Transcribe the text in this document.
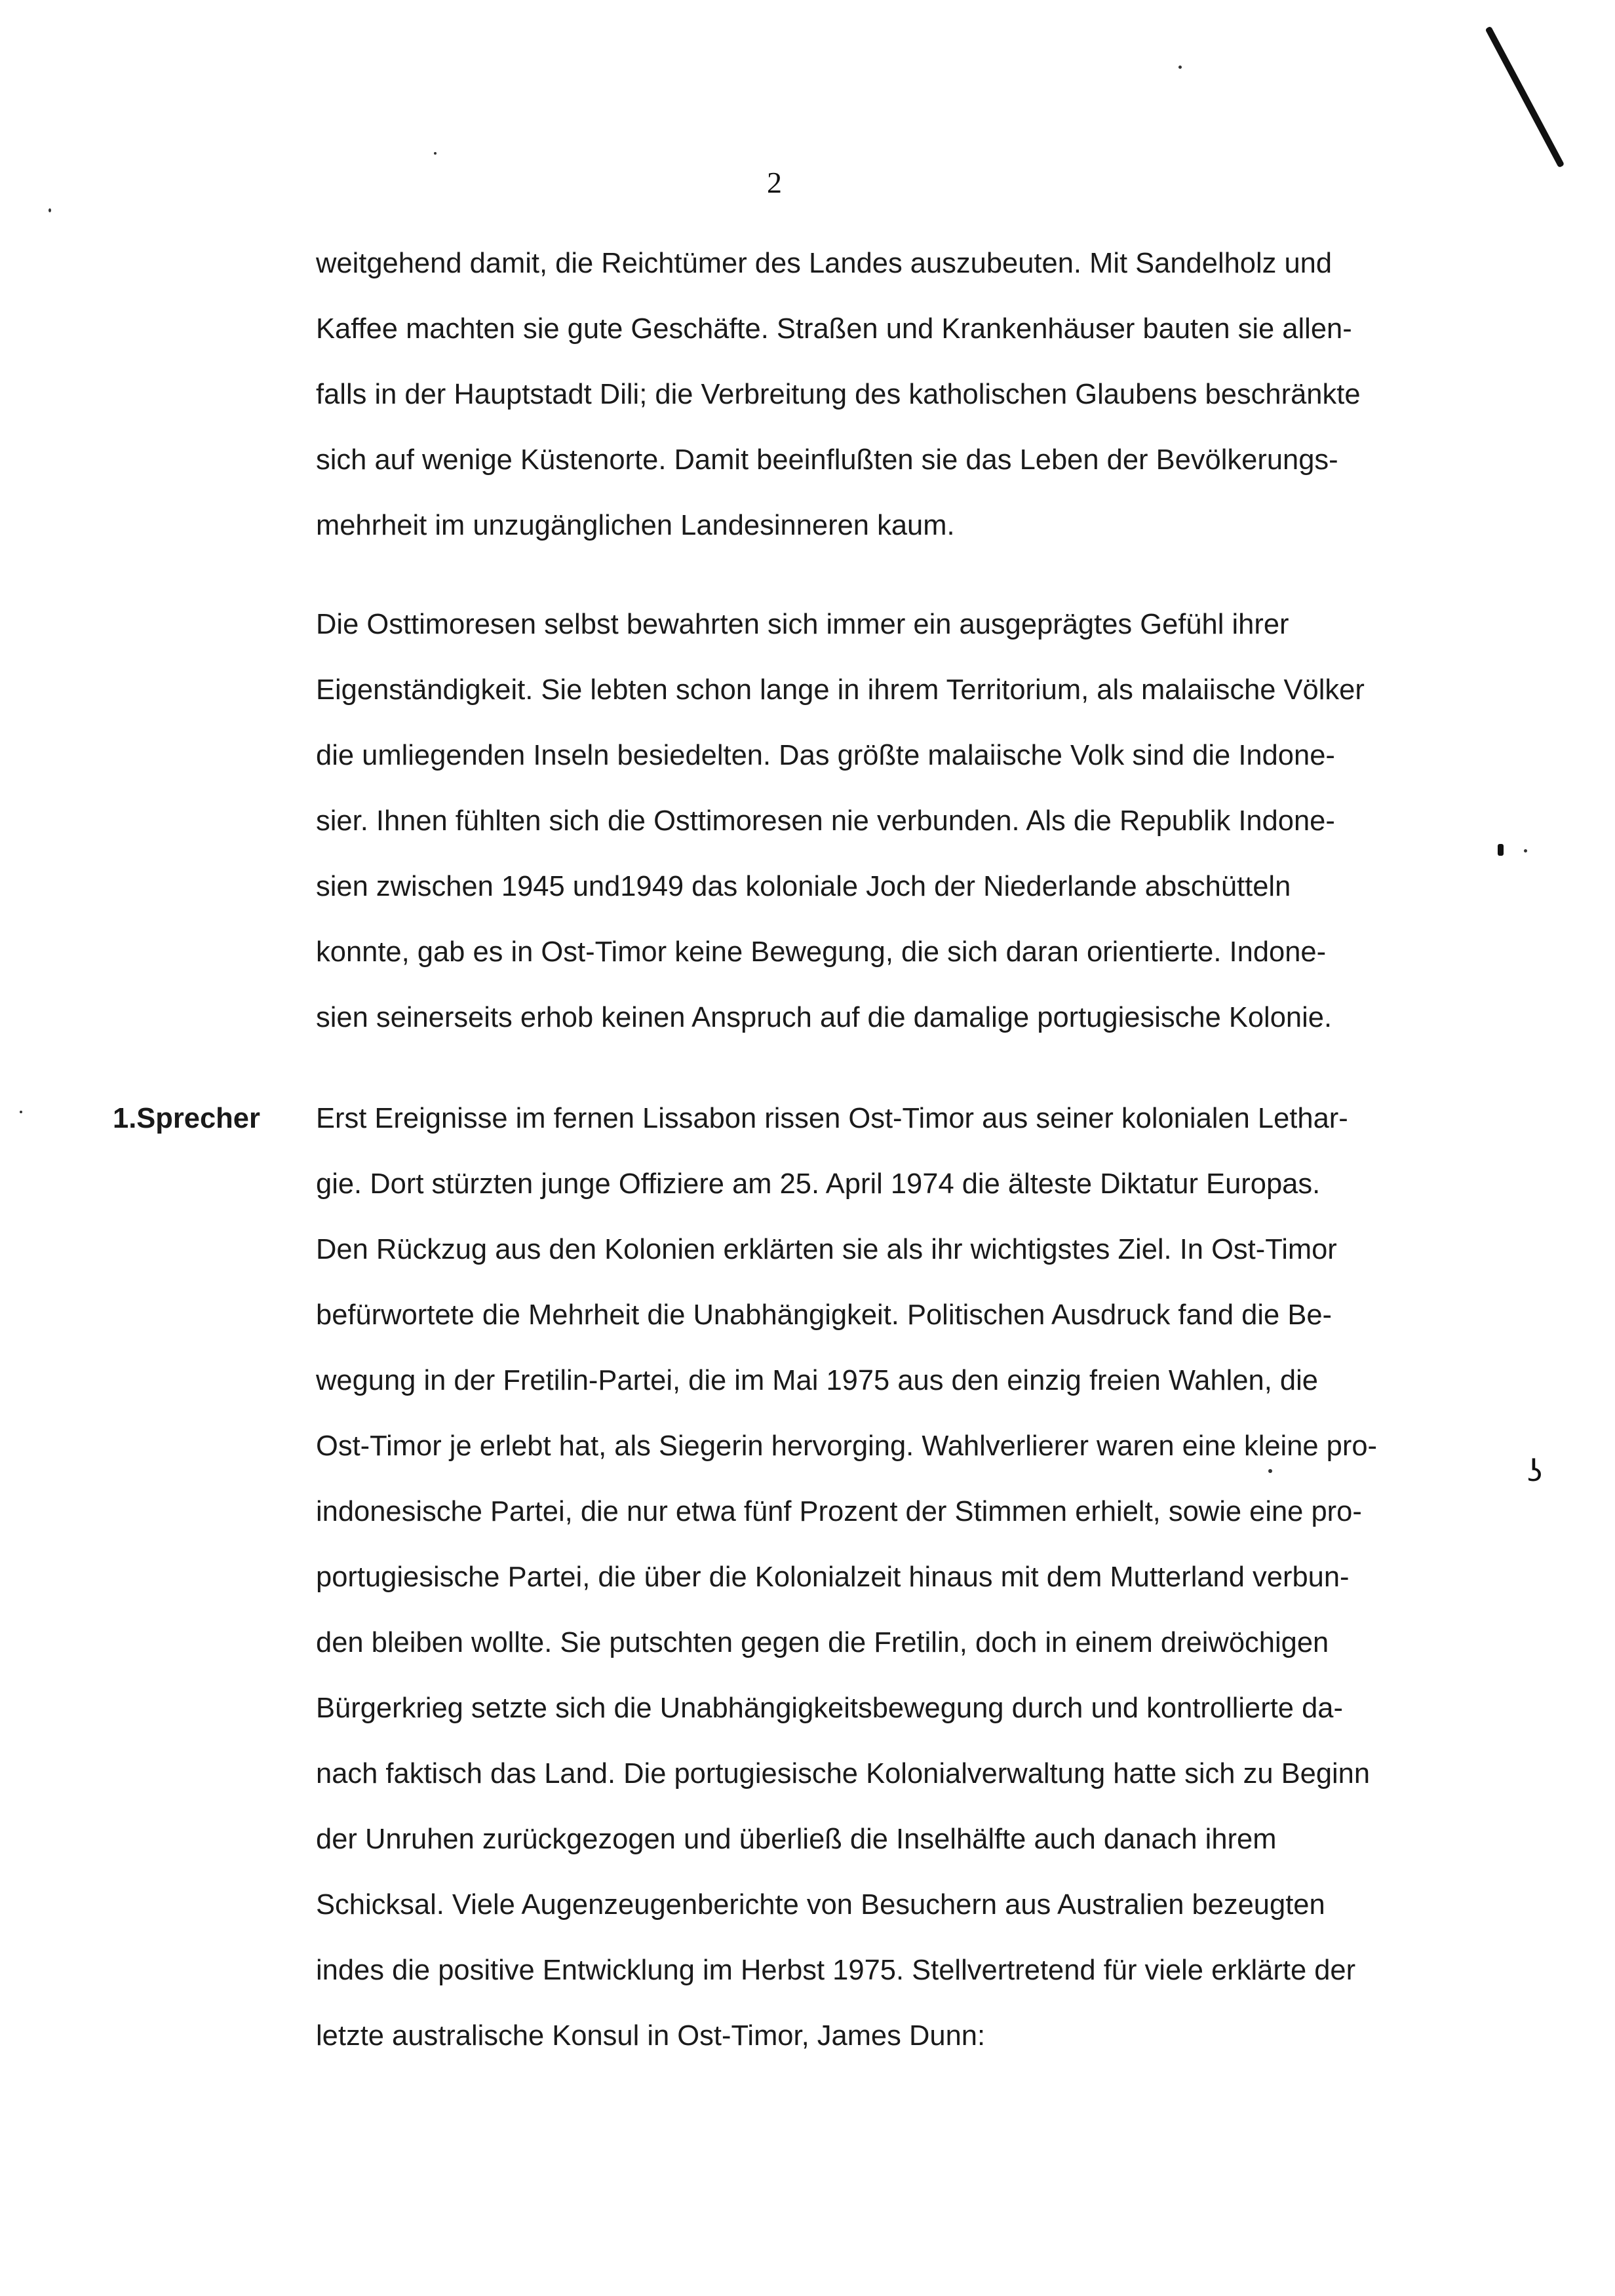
ʖ
2
weitgehend damit, die Reichtümer des Landes auszubeuten. Mit Sandelholz und
Kaffee machten sie gute Geschäfte. Straßen und Krankenhäuser bauten sie allen-
falls in der Hauptstadt Dili; die Verbreitung des katholischen Glaubens beschränkte
sich auf wenige Küstenorte. Damit beeinflußten sie das Leben der Bevölkerungs-
mehrheit im unzugänglichen Landesinneren kaum.
Die Osttimoresen selbst bewahrten sich immer ein ausgeprägtes Gefühl ihrer
Eigenständigkeit. Sie lebten schon lange in ihrem Territorium, als malaiische Völker
die umliegenden Inseln besiedelten. Das größte malaiische Volk sind die Indone-
sier. Ihnen fühlten sich die Osttimoresen nie verbunden. Als die Republik Indone-
sien zwischen 1945 und1949 das koloniale Joch der Niederlande abschütteln
konnte, gab es in Ost-Timor keine Bewegung, die sich daran orientierte. Indone-
sien seinerseits erhob keinen Anspruch auf die damalige portugiesische Kolonie.
1.Sprecher Erst Ereignisse im fernen Lissabon rissen Ost-Timor aus seiner kolonialen Lethar-
gie. Dort stürzten junge Offiziere am 25. April 1974 die älteste Diktatur Europas.
Den Rückzug aus den Kolonien erklärten sie als ihr wichtigstes Ziel. In Ost-Timor
befürwortete die Mehrheit die Unabhängigkeit. Politischen Ausdruck fand die Be-
wegung in der Fretilin-Partei, die im Mai 1975 aus den einzig freien Wahlen, die
Ost-Timor je erlebt hat, als Siegerin hervorging. Wahlverlierer waren eine kleine pro-
indonesische Partei, die nur etwa fünf Prozent der Stimmen erhielt, sowie eine pro-
portugiesische Partei, die über die Kolonialzeit hinaus mit dem Mutterland verbun-
den bleiben wollte. Sie putschten gegen die Fretilin, doch in einem dreiwöchigen
Bürgerkrieg setzte sich die Unabhängigkeitsbewegung durch und kontrollierte da-
nach faktisch das Land. Die portugiesische Kolonialverwaltung hatte sich zu Beginn
der Unruhen zurückgezogen und überließ die Inselhälfte auch danach ihrem
Schicksal. Viele Augenzeugenberichte von Besuchern aus Australien bezeugten
indes die positive Entwicklung im Herbst 1975. Stellvertretend für viele erklärte der
letzte australische Konsul in Ost-Timor, James Dunn:
